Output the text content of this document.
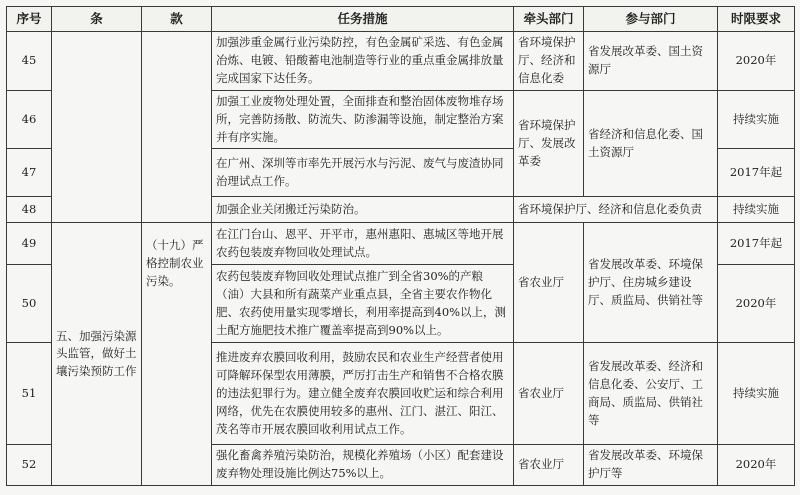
序号	条	款	任务措施	牵头部门	参与部门	时限要求
45			加强涉重金属行业污染防控，有色金属矿采选、有色金属冶炼、电镀、铅酸蓄电池制造等行业的重点重金属排放量完成国家下达任务。	省环境保护厅、经济和信息化委	省发展改革委、国土资源厅	2020年
46			加强工业废物处理处置，全面排查和整治固体废物堆存场所，完善防扬散、防流失、防渗漏等设施，制定整治方案并有序实施。	省环境保护厅、发展改革委	省经济和信息化委、国土资源厅	持续实施
47			在广州、深圳等市率先开展污水与污泥、废气与废渣协同治理试点工作。			2017年起
48			加强企业关闭搬迁污染防治。	省环境保护厅、经济和信息化委负责		持续实施
49	五、加强污染源头监管，做好土壤污染预防工作	（十九）严格控制农业污染。	在江门台山、恩平、开平市，惠州惠阳、惠城区等地开展农药包装废弃物回收处理试点。	省农业厅	省发展改革委、环境保护厅、住房城乡建设厅、质监局、供销社等	2017年起
50			农药包装废弃物回收处理试点推广到全省30%的产粮（油）大县和所有蔬菜产业重点县，全省主要农作物化肥、农药使用量实现零增长，利用率提高到40%以上，测土配方施肥技术推广覆盖率提高到90%以上。			2020年
51			推进废弃农膜回收利用，鼓励农民和农业生产经营者使用可降解环保型农用薄膜，严厉打击生产和销售不合格农膜的违法犯罪行为。建立健全废弃农膜回收贮运和综合利用网络，优先在农膜使用较多的惠州、江门、湛江、阳江、茂名等市开展农膜回收利用试点工作。	省农业厅	省发展改革委、经济和信息化委、公安厅、工商局、质监局、供销社等	持续实施
52			强化畜禽养殖污染防治，规模化养殖场（小区）配套建设废弃物处理设施比例达75%以上。	省农业厅	省发展改革委、环境保护厅等	2020年
